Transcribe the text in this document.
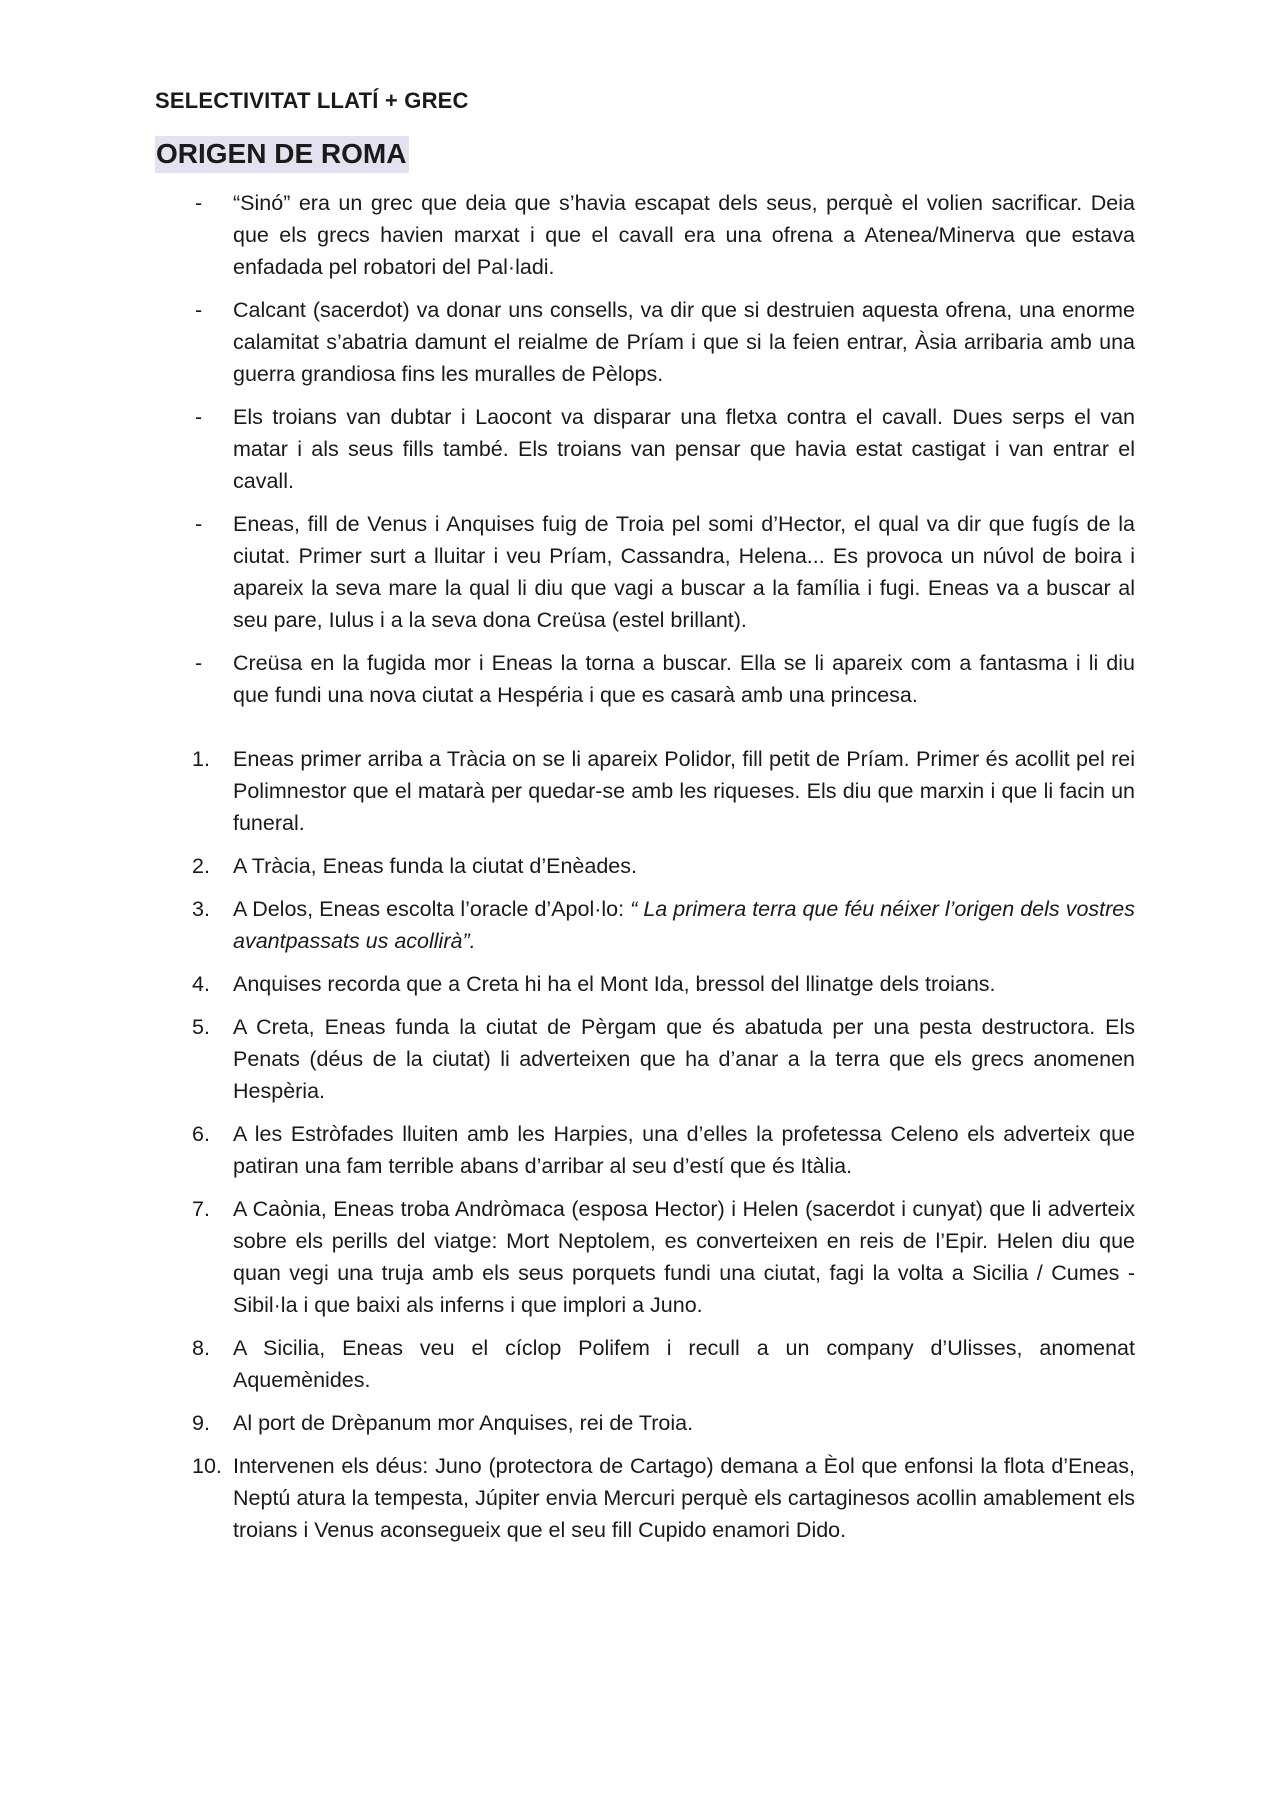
SELECTIVITAT LLATÍ + GREC
ORIGEN DE ROMA
-	“Sinó” era un grec que deia que s’havia escapat dels seus, perquè el volien sacrificar. Deia que els grecs havien marxat i que el cavall era una ofrena a Atenea/Minerva que estava enfadada pel robatori del Pal·ladi.
-	Calcant (sacerdot) va donar uns consells, va dir que si destruien aquesta ofrena, una enorme calamitat s’abatria damunt el reialme de Príam i que si la feien entrar, Àsia arribaria amb una guerra grandiosa fins les muralles de Pèlops.
-	Els troians van dubtar i Laocont va disparar una fletxa contra el cavall. Dues serps el van matar i als seus fills també. Els troians van pensar que havia estat castigat i van entrar el cavall.
-	Eneas, fill de Venus i Anquises fuig de Troia pel somi d’Hector, el qual va dir que fugís de la ciutat. Primer surt a lluitar i veu Príam, Cassandra, Helena... Es provoca un núvol de boira i apareix la seva mare la qual li diu que vagi a buscar a la família i fugi. Eneas va a buscar al seu pare, Iulus i a la seva dona Creüsa (estel brillant).
-	Creüsa en la fugida mor i Eneas la torna a buscar. Ella se li apareix com a fantasma i li diu que fundi una nova ciutat a Hespéria i que es casarà amb una princesa.
1.	Eneas primer arriba a Tràcia on se li apareix Polidor, fill petit de Príam. Primer és acollit pel rei Polimnestor que el matarà per quedar-se amb les riqueses. Els diu que marxin i que li facin un funeral.
2.	A Tràcia, Eneas funda la ciutat d’Enèades.
3.	A Delos, Eneas escolta l’oracle d’Apol·lo: “ La primera terra que féu néixer l’origen dels vostres avantpassats us acollirà”.
4.	Anquises recorda que a Creta hi ha el Mont Ida, bressol del llinatge dels troians.
5.	A Creta, Eneas funda la ciutat de Pèrgam que és abatuda per una pesta destructora. Els Penats (déus de la ciutat) li adverteixen que ha d’anar a la terra que els grecs anomenen Hespèria.
6.	A les Estròfades lluiten amb les Harpies, una d’elles la profetessa Celeno els adverteix que patiran una fam terrible abans d’arribar al seu d’estí que és Itàlia.
7.	A Caònia, Eneas troba Andròmaca (esposa Hector) i Helen (sacerdot i cunyat) que li adverteix sobre els perills del viatge: Mort Neptolem, es converteixen en reis de l’Epir. Helen diu que quan vegi una truja amb els seus porquets fundi una ciutat, fagi la volta a Sicilia / Cumes - Sibil·la i que baixi als inferns i que implori a Juno.
8.	A Sicilia, Eneas veu el cíclop Polifem i recull a un company d’Ulisses, anomenat Aquemènides.
9.	Al port de Drèpanum mor Anquises, rei de Troia.
10. Intervenen els déus: Juno (protectora de Cartago) demana a Èol que enfonsi la flota d’Eneas, Neptú atura la tempesta, Júpiter envia Mercuri perquè els cartaginesos acollin amablement els troians i Venus aconsegueix que el seu fill Cupido enamori Dido.
